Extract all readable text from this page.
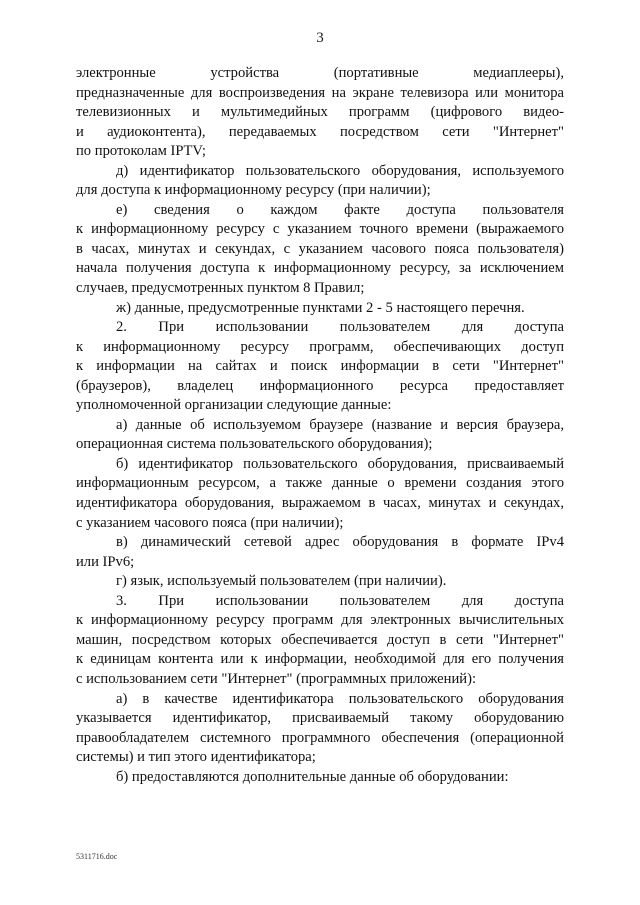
3
электронные устройства (портативные медиаплееры),
предназначенные для воспроизведения на экране телевизора или монитора
телевизионных и мультимедийных программ (цифрового видео-
и аудиоконтента), передаваемых посредством сети "Интернет"
по протоколам IPTV;
д) идентификатор пользовательского оборудования, используемого
для доступа к информационному ресурсу (при наличии);
е) сведения о каждом факте доступа пользователя
к информационному ресурсу с указанием точного времени (выражаемого
в часах, минутах и секундах, с указанием часового пояса пользователя)
начала получения доступа к информационному ресурсу, за исключением
случаев, предусмотренных пунктом 8 Правил;
ж) данные, предусмотренные пунктами 2 - 5 настоящего перечня.
2. При использовании пользователем для доступа
к информационному ресурсу программ, обеспечивающих доступ
к информации на сайтах и поиск информации в сети "Интернет"
(браузеров), владелец информационного ресурса предоставляет
уполномоченной организации следующие данные:
а) данные об используемом браузере (название и версия браузера,
операционная система пользовательского оборудования);
б) идентификатор пользовательского оборудования, присваиваемый
информационным ресурсом, а также данные о времени создания этого
идентификатора оборудования, выражаемом в часах, минутах и секундах,
с указанием часового пояса (при наличии);
в) динамический сетевой адрес оборудования в формате IPv4
или IPv6;
г) язык, используемый пользователем (при наличии).
3. При использовании пользователем для доступа
к информационному ресурсу программ для электронных вычислительных
машин, посредством которых обеспечивается доступ в сети "Интернет"
к единицам контента или к информации, необходимой для его получения
с использованием сети "Интернет" (программных приложений):
а) в качестве идентификатора пользовательского оборудования
указывается идентификатор, присваиваемый такому оборудованию
правообладателем системного программного обеспечения (операционной
системы) и тип этого идентификатора;
б) предоставляются дополнительные данные об оборудовании:
5311716.doc
